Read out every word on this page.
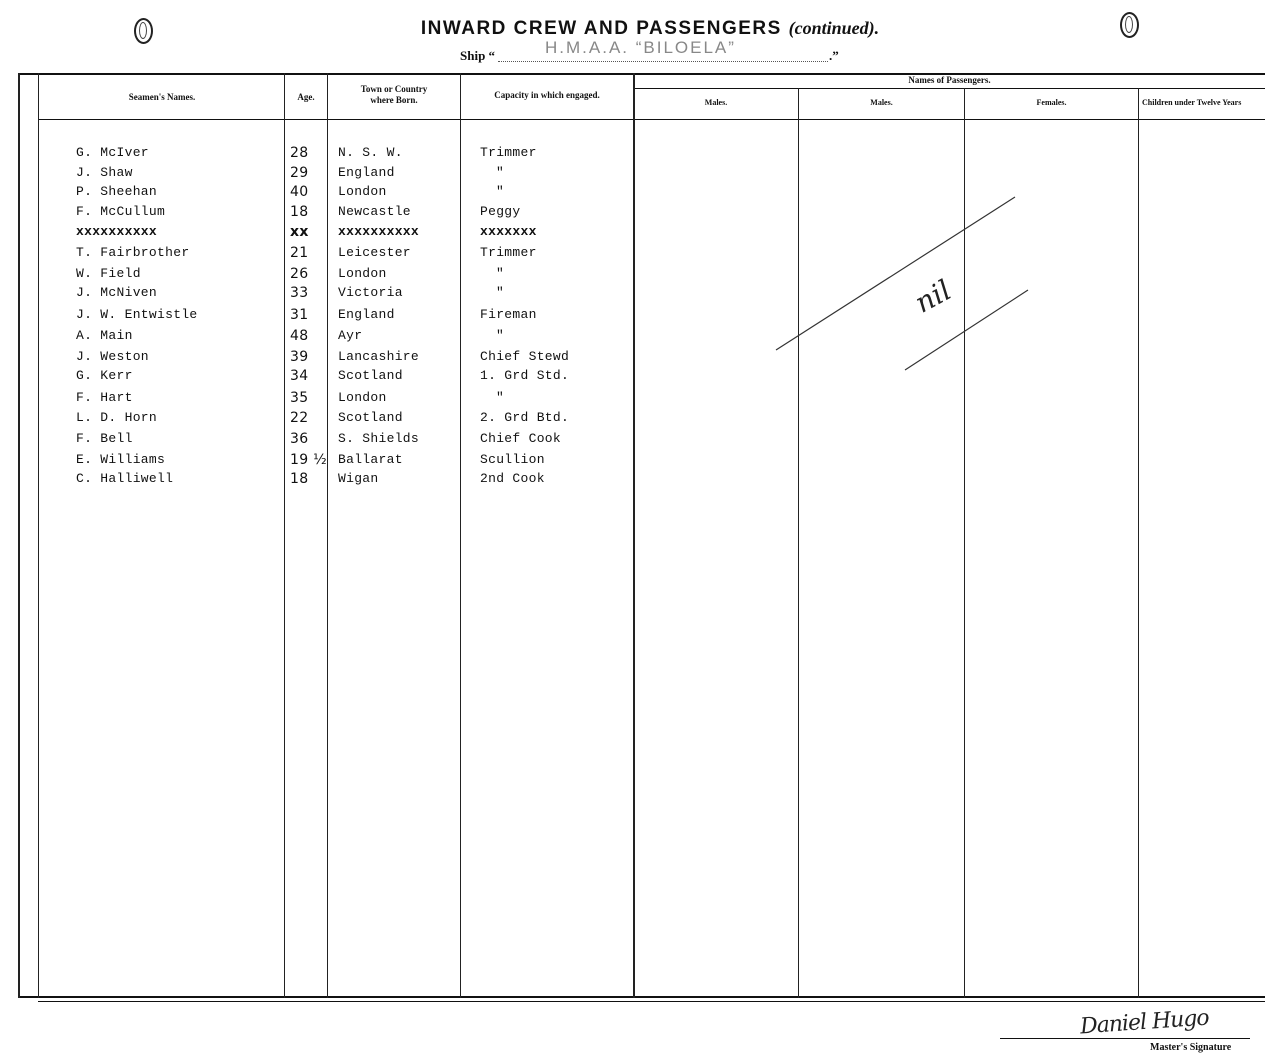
INWARD CREW AND PASSENGERS (continued).
Ship “	H.M.A.A. “BILOELA”	.”
Seamen's Names.	Age.
Town or Country
where Born.	Capacity in which engaged.
Names of Passengers.
Males.	Males.	Females.	Children under Twelve Years
G. McIver	28 N. S. W.	Trimmer
J. Shaw	29 England	"
P. Sheehan	40 London	"
F. McCullum	18 Newcastle	Peggy
xxxxxxxxxx	xx xxxxxxxxxx	xxxxxxx
T. Fairbrother	21 Leicester	Trimmer
W. Field	26 London	"
J. McNiven	33 Victoria	"
J. W. Entwistle	31 England	Fireman
A. Main	48 Ayr	"
J. Weston	39 Lancashire	Chief Stewd
G. Kerr	34 Scotland	1. Grd Std.
F. Hart	35 London	"
L. D. Horn	22 Scotland	2. Grd Btd.
F. Bell	36 S. Shields	Chief Cook
E. Williams	19 ½ Ballarat	Scullion
C. Halliwell	18 Wigan	2nd Cook
nil
Daniel Hugo
Master's Signature
